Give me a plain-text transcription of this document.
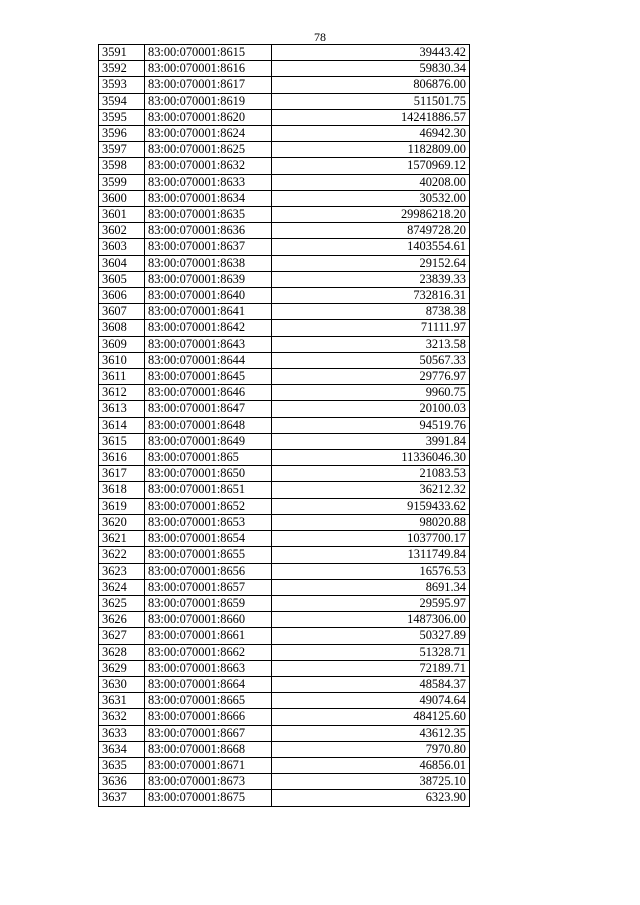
78
3591	83:00:070001:8615	39443.42
3592	83:00:070001:8616	59830.34
3593	83:00:070001:8617	806876.00
3594	83:00:070001:8619	511501.75
3595	83:00:070001:8620	14241886.57
3596	83:00:070001:8624	46942.30
3597	83:00:070001:8625	1182809.00
3598	83:00:070001:8632	1570969.12
3599	83:00:070001:8633	40208.00
3600	83:00:070001:8634	30532.00
3601	83:00:070001:8635	29986218.20
3602	83:00:070001:8636	8749728.20
3603	83:00:070001:8637	1403554.61
3604	83:00:070001:8638	29152.64
3605	83:00:070001:8639	23839.33
3606	83:00:070001:8640	732816.31
3607	83:00:070001:8641	8738.38
3608	83:00:070001:8642	71111.97
3609	83:00:070001:8643	3213.58
3610	83:00:070001:8644	50567.33
3611	83:00:070001:8645	29776.97
3612	83:00:070001:8646	9960.75
3613	83:00:070001:8647	20100.03
3614	83:00:070001:8648	94519.76
3615	83:00:070001:8649	3991.84
3616	83:00:070001:865	11336046.30
3617	83:00:070001:8650	21083.53
3618	83:00:070001:8651	36212.32
3619	83:00:070001:8652	9159433.62
3620	83:00:070001:8653	98020.88
3621	83:00:070001:8654	1037700.17
3622	83:00:070001:8655	1311749.84
3623	83:00:070001:8656	16576.53
3624	83:00:070001:8657	8691.34
3625	83:00:070001:8659	29595.97
3626	83:00:070001:8660	1487306.00
3627	83:00:070001:8661	50327.89
3628	83:00:070001:8662	51328.71
3629	83:00:070001:8663	72189.71
3630	83:00:070001:8664	48584.37
3631	83:00:070001:8665	49074.64
3632	83:00:070001:8666	484125.60
3633	83:00:070001:8667	43612.35
3634	83:00:070001:8668	7970.80
3635	83:00:070001:8671	46856.01
3636	83:00:070001:8673	38725.10
3637	83:00:070001:8675	6323.90
